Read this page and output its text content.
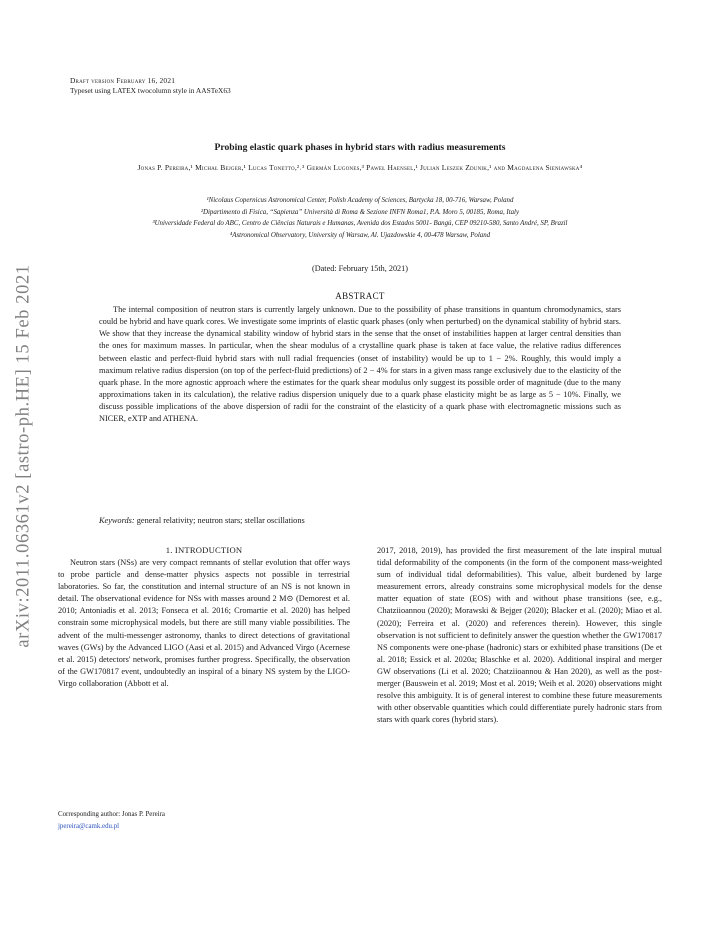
arXiv:2011.06361v2 [astro-ph.HE] 15 Feb 2021
Draft version February 16, 2021
Typeset using LATEX twocolumn style in AASTeX63
Probing elastic quark phases in hybrid stars with radius measurements
Jonas P. Pereira,¹ Michał Bejger,¹ Lucas Tonetto,²˒³ Germán Lugones,³ Paweł Haensel,¹ Julian Leszek Zdunik,¹ and Magdalena Sieniawska⁴
¹Nicolaus Copernicus Astronomical Center, Polish Academy of Sciences, Bartycka 18, 00-716, Warsaw, Poland
²Dipartimento di Fisica, “Sapienza” Università di Roma & Sezione INFN Roma1, P.A. Moro 5, 00185, Roma, Italy
³Universidade Federal do ABC, Centro de Ciências Naturais e Humanas, Avenida dos Estados 5001- Bangú, CEP 09210-580, Santo André, SP, Brazil
⁴Astronomical Observatory, University of Warsaw, Al. Ujazdowskie 4, 00-478 Warsaw, Poland
(Dated: February 15th, 2021)
ABSTRACT
The internal composition of neutron stars is currently largely unknown. Due to the possibility of phase transitions in quantum chromodynamics, stars could be hybrid and have quark cores. We investigate some imprints of elastic quark phases (only when perturbed) on the dynamical stability of hybrid stars. We show that they increase the dynamical stability window of hybrid stars in the sense that the onset of instabilities happen at larger central densities than the ones for maximum masses. In particular, when the shear modulus of a crystalline quark phase is taken at face value, the relative radius differences between elastic and perfect-fluid hybrid stars with null radial frequencies (onset of instability) would be up to 1 − 2%. Roughly, this would imply a maximum relative radius dispersion (on top of the perfect-fluid predictions) of 2 − 4% for stars in a given mass range exclusively due to the elasticity of the quark phase. In the more agnostic approach where the estimates for the quark shear modulus only suggest its possible order of magnitude (due to the many approximations taken in its calculation), the relative radius dispersion uniquely due to a quark phase elasticity might be as large as 5 − 10%. Finally, we discuss possible implications of the above dispersion of radii for the constraint of the elasticity of a quark phase with electromagnetic missions such as NICER, eXTP and ATHENA.
Keywords: general relativity; neutron stars; stellar oscillations
1. INTRODUCTION
Neutron stars (NSs) are very compact remnants of stellar evolution that offer ways to probe particle and dense-matter physics aspects not possible in terrestrial laboratories. So far, the constitution and internal structure of an NS is not known in detail. The observational evidence for NSs with masses around 2 M⊙ (Demorest et al. 2010; Antoniadis et al. 2013; Fonseca et al. 2016; Cromartie et al. 2020) has helped constrain some microphysical models, but there are still many viable possibilities. The advent of the multi-messenger astronomy, thanks to direct detections of gravitational waves (GWs) by the Advanced LIGO (Aasi et al. 2015) and Advanced Virgo (Acernese et al. 2015) detectors' network, promises further progress. Specifically, the observation of the GW170817 event, undoubtedly an inspiral of a binary NS system by the LIGO-Virgo collaboration (Abbott et al.
2017, 2018, 2019), has provided the first measurement of the late inspiral mutual tidal deformability of the components (in the form of the component mass-weighted sum of individual tidal deformabilities). This value, albeit burdened by large measurement errors, already constrains some microphysical models for the dense matter equation of state (EOS) with and without phase transitions (see, e.g., Chatziioannou (2020); Morawski & Bejger (2020); Blacker et al. (2020); Miao et al. (2020); Ferreira et al. (2020) and references therein). However, this single observation is not sufficient to definitely answer the question whether the GW170817 NS components were one-phase (hadronic) stars or exhibited phase transitions (De et al. 2018; Essick et al. 2020a; Blaschke et al. 2020). Additional inspiral and merger GW observations (Li et al. 2020; Chatziioannou & Han 2020), as well as the post-merger (Bauswein et al. 2019; Most et al. 2019; Weih et al. 2020) observations might resolve this ambiguity. It is of general interest to combine these future measurements with other observable quantities which could differentiate purely hadronic stars from stars with quark cores (hybrid stars).
Corresponding author: Jonas P. Pereira
jpereira@camk.edu.pl
